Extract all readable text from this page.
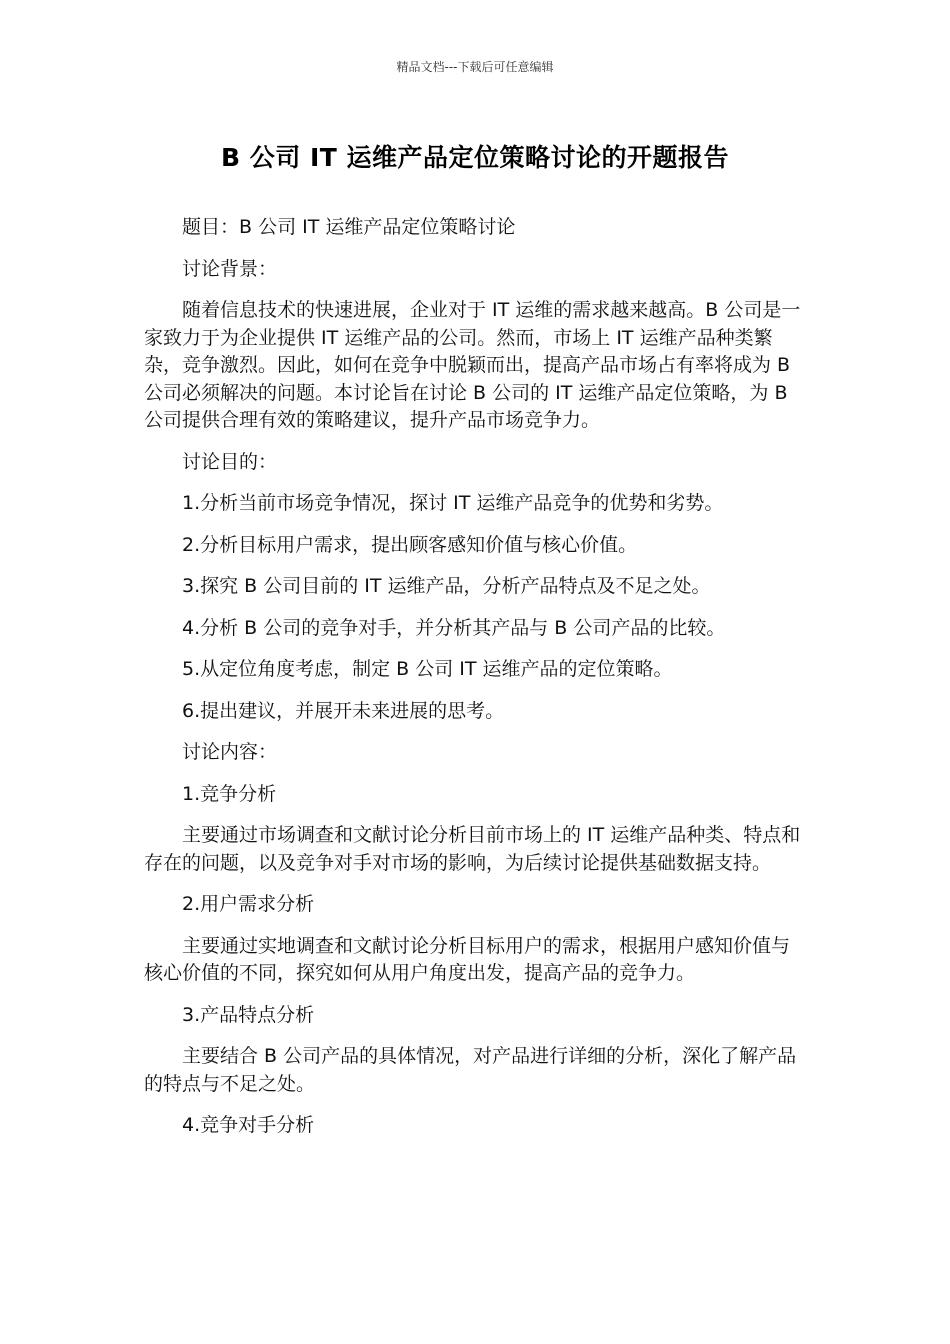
精品文档---下载后可任意编辑
B 公司 IT 运维产品定位策略讨论的开题报告

题目：B 公司 IT 运维产品定位策略讨论

讨论背景：

随着信息技术的快速进展，企业对于 IT 运维的需求越来越高。B 公司是一家致力于为企业提供 IT 运维产品的公司。然而，市场上 IT 运维产品种类繁杂，竞争激烈。因此，如何在竞争中脱颖而出，提高产品市场占有率将成为 B 公司必须解决的问题。本讨论旨在讨论 B 公司的 IT 运维产品定位策略，为 B 公司提供合理有效的策略建议，提升产品市场竞争力。

讨论目的：

1.分析当前市场竞争情况，探讨 IT 运维产品竞争的优势和劣势。

2.分析目标用户需求，提出顾客感知价值与核心价值。

3.探究 B 公司目前的 IT 运维产品，分析产品特点及不足之处。

4.分析 B 公司的竞争对手，并分析其产品与 B 公司产品的比较。

5.从定位角度考虑，制定 B 公司 IT 运维产品的定位策略。

6.提出建议，并展开未来进展的思考。

讨论内容：

1.竞争分析

主要通过市场调查和文献讨论分析目前市场上的 IT 运维产品种类、特点和存在的问题，以及竞争对手对市场的影响，为后续讨论提供基础数据支持。

2.用户需求分析

主要通过实地调查和文献讨论分析目标用户的需求，根据用户感知价值与核心价值的不同，探究如何从用户角度出发，提高产品的竞争力。

3.产品特点分析

主要结合 B 公司产品的具体情况，对产品进行详细的分析，深化了解产品的特点与不足之处。

4.竞争对手分析
